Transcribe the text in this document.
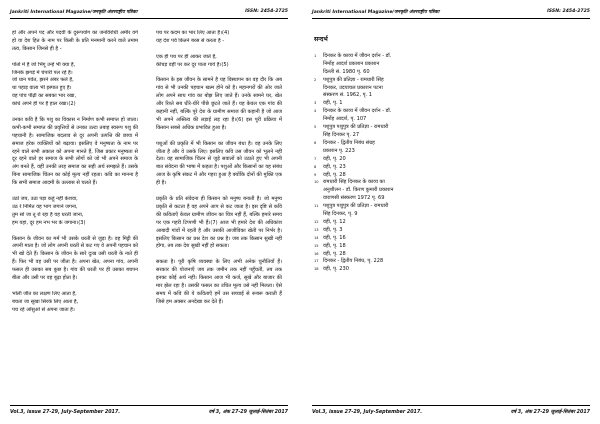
Jankriti International Magazine/जनकृति अंतरराष्ट्रीय पत्रिका	ISSN: 2454-2725

हों और अपने पद और पदवी के दुरूपयोग का जनविरोधी अमीर वर्ग हो या देश हित के नाम पर किसी के प्रति मनमानी करने वाले तमाम तत्व, किसान जिनसे ही है -

पोतो में हैं जो भिंगू उन्हें भी क्या है,
जिनके झगड़े में चंपारी पल रहे हैं।
जो धान पर्वत, झरने अंबर फले हैं,
था पहाड़ वाला भी इस्पात हुए हैं।
वह पांच पीढ़ी का सबका भार रखा,
कांधे अपने ही पर है हाल रखा।(2)

उनका कवि है कि पशु का विकास न निर्माण कभी समाप्त हो जाता। कभी-कभी समाप्त की प्रवृत्तियों से उनका उल्टा तबाह स्वरूप पशु की पहचानी है। सामाजिक बदलाव से दूर अपनी उत्पत्ति की छाया में समाज हरेक व्यक्तियों को बढ़ाया। इसलिए वे मनुष्यता के नाम पर रहने वाले सभी अकाल को अपना मानते हैं, जिस प्रकार मनुष्यता से दूर रहने वाले हर समाज के सभी लोगों को जो भी अपने समाज के अंग बनते हैं, वहीं उनकी तरह समाज का सही अर्थ समझते हैं। उसके बिना सामाजिक चिंतन का कोई मूल्य नहीं रहता। कवि का मानना है कि सभी समाज आदमी के उल्लास से चलते हैं।

उठो जय, उठा पड़ा कहूं नहीं केशवा,
उठ रे निर्मित यह भाग जगाने जगना,
तुम सो जा तू रो रहा है यह धरती जाना,
हम यहां, दूर हम नभ भर के जगाना।(3)

किसान के जीवन का मर्म भी उसके धरती से जुड़ा है। वह मिट्टी की अपनी माता है। जो लोग अपनी धरती से कट गए वे अपनी पहचान को भी खो देते हैं। किसान के जीवन के सारे दुःख उसी धरती के नाते ही हैं। फिर भी वह उसी पर जीता है। अपना खेत, अपना गांव, अपनी फसल ही उसका सब कुछ है। गांव की धरती पर ही उसका बचपन बीता और उसी पर वह बूढ़ा होता है।

भोली जीत का लक्षण लिए आता है,
बचता जा सूखा सिरके लिए आता है,
पच रहे आँसुओं से अपना जाता है।
पथ पर कदम का भार लिए आता है।(4)
यह देश पर्व कितने बरस से करता है -
एक ही पथ पर ही आकर जाते हैं,
कीचड़ वहीं पर कर दूर पाता गाये हैं।(5)

किसान के इस जीवन के सामने है यह विस्थापन का वह दौर कि अब गांव से भी उनकी पहचान खत्म होने को है। महानगरों की ओर जाते लोग अपने साथ गांव का बोझ लिए जाते हैं। उनके सामने घर, खेत और रिश्ते सब धीरे-धीरे पीछे छूटते जाते हैं। यह केवल एक गांव की कहानी नहीं, बल्कि पूरे देश के ग्रामीण समाज की कहानी है जो आज भी अपने अस्तित्व की लड़ाई लड़ रहा है।(6) इस पूरी प्रक्रिया में किसान सबसे अधिक प्रभावित हुआ है।

पशुओं की प्रकृति में भी किसान का जीवन बंधा है। वह उनके लिए जीता है और वे उसके लिए। इसलिए कवि उस जीवन को भूलने नहीं देता। वह सामाजिक चिंतन से जुड़े सवालों को उठाते हुए भी अपनी बात संवेदना की भाषा में कहता है। पशुओं और किसानों का यह संबंध आज के कृषि संकट में और गहरा हुआ है क्योंकि दोनों की मुक्ति एक ही है।

प्रकृति के प्रति संवेदना ही किसान को मनुष्य बनाती है। जो मनुष्य प्रकृति से कटता है वह अपने आप से कट जाता है। इस दृष्टि से कवि की कविताएँ केवल ग्रामीण जीवन का चित्र नहीं हैं, बल्कि हमारे समय पर एक गहरी टिप्पणी भी हैं।(7) आज भी हमारे देश की अधिकांश आबादी गांवों में रहती है और उसकी आजीविका खेती पर निर्भर है। इसलिए किसान का प्रश्न देश का प्रश्न है। जब तक किसान सुखी नहीं होगा, तब तक देश सुखी नहीं हो सकता।

सकता है। पूरी कृषि व्यवस्था के लिए अभी अनेक चुनौतियाँ हैं। सरकार की योजनाएँ जब तक जमीन तक नहीं पहुँचतीं, तब तक इनका कोई अर्थ नहीं। किसान आज भी कर्ज, सूखे और बाजार की मार झेल रहा है। उसकी फसल का उचित मूल्य उसे नहीं मिलता। ऐसे समय में कवि की ये कविताएँ हमें उस सच्चाई से रूबरू कराती हैं जिसे हम अक्सर अनदेखा कर देते हैं।

Vol.3, issue 27-29, July-September 2017.	वर्ष 3, अंक 27-29 जुलाई-सितंबर 2017
Jankriti International Magazine/जनकृति अंतरराष्ट्रीय पत्रिका	ISSN: 2454-2725
सन्दर्भ
1	दिनकर के काव्य में जीवन दर्शन - डॉ.
निर्मोह आदर्श प्रकाशन प्रकाशन
दिल्ली सं. 1980 पृ. 60
2	पशुपुत्र की प्रतिज्ञा - रामधारी सिंह
दिनकर, उदयाचल प्रकाशन पटना
संस्करण सं. 1962, पृ. 1
3	वही, पृ. 1
4	दिनकर के काव्य में जीवन दर्शन - डॉ.
निर्मोह आदर्श, पृ. 107
5	पशुपुत्र पशुपुत्र की प्रतिज्ञा - रामधारी
सिंह दिनकर पृ. 27
6	दिनकर - द्वितीय निबंध संग्रह
प्रकाशन पृ. 223
7	वही, पृ. 20
8	वही, पृ. 23
9	वही, पृ. 28
10 रामधारी सिंह दिनकर के काव्य का
अनुशीलन - डॉ. किरण कुमारी प्रकाशन
वाराणसी संस्करण 1972 पृ. 69
11 पशुपुत्र पशुपुत्र की प्रतिज्ञा - रामधारी
सिंह दिनकर, पृ. 9
12 वही, पृ. 12
13 वही, पृ. 3
14 वही, पृ. 16
15 वही, पृ. 18
16 वही, पृ. 28
17 दिनकर - द्वितीय निबंध, पृ. 228
18 वही, पृ. 230
Vol.3, issue 27-29, July-September 2017.	वर्ष 3, अंक 27-29 जुलाई-सितंबर 2017
